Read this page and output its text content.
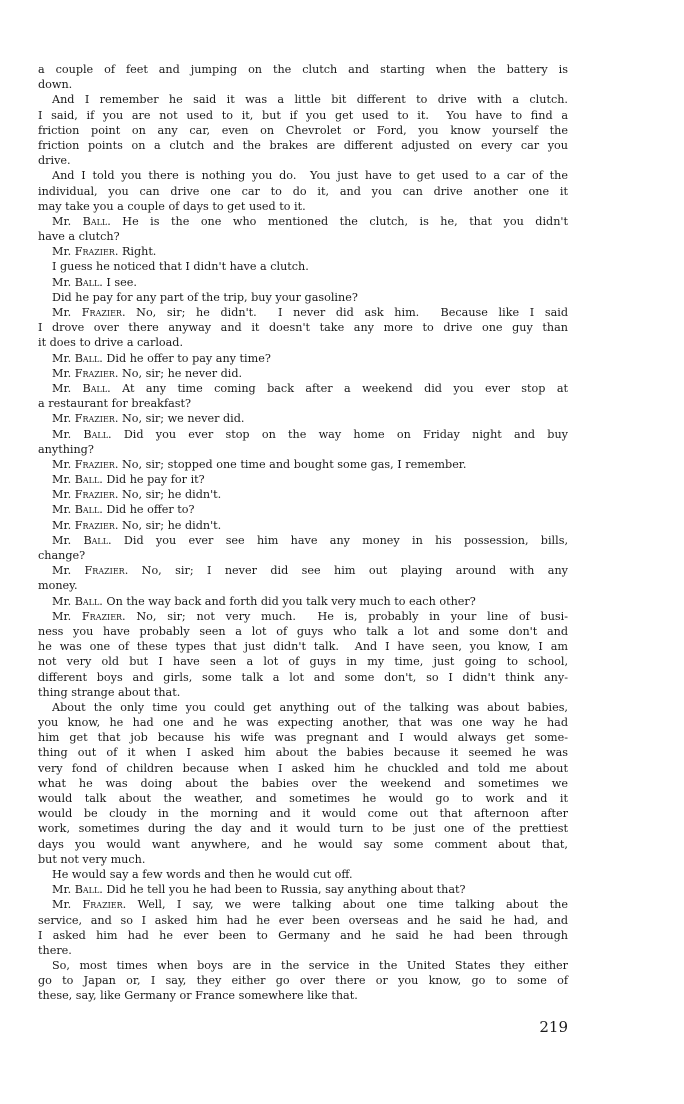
a couple of feet and jumping on the clutch and starting when the battery is
down.
And I remember he said it was a little bit different to drive with a clutch.
I said, if you are not used to it, but if you get used to it.  You have to find a
friction point on any car, even on Chevrolet or Ford, you know yourself the
friction points on a clutch and the brakes are different adjusted on every car you
drive.
And I told you there is nothing you do.  You just have to get used to a car of the
individual, you can drive one car to do it, and you can drive another one it
may take you a couple of days to get used to it.
Mr. Ball. He is the one who mentioned the clutch, is he, that you didn't
have a clutch?
Mr. Frazier. Right.
I guess he noticed that I didn't have a clutch.
Mr. Ball. I see.
Did he pay for any part of the trip, buy your gasoline?
Mr. Frazier. No, sir; he didn't.  I never did ask him.  Because like I said
I drove over there anyway and it doesn't take any more to drive one guy than
it does to drive a carload.
Mr. Ball. Did he offer to pay any time?
Mr. Frazier. No, sir; he never did.
Mr. Ball. At any time coming back after a weekend did you ever stop at
a restaurant for breakfast?
Mr. Frazier. No, sir; we never did.
Mr. Ball. Did you ever stop on the way home on Friday night and buy
anything?
Mr. Frazier. No, sir; stopped one time and bought some gas, I remember.
Mr. Ball. Did he pay for it?
Mr. Frazier. No, sir; he didn't.
Mr. Ball. Did he offer to?
Mr. Frazier. No, sir; he didn't.
Mr. Ball. Did you ever see him have any money in his possession, bills,
change?
Mr. Frazier. No, sir; I never did see him out playing around with any
money.
Mr. Ball. On the way back and forth did you talk very much to each other?
Mr. Frazier. No, sir; not very much.  He is, probably in your line of busi-
ness you have probably seen a lot of guys who talk a lot and some don't and
he was one of these types that just didn't talk.  And I have seen, you know, I am
not very old but I have seen a lot of guys in my time, just going to school,
different boys and girls, some talk a lot and some don't, so I didn't think any-
thing strange about that.
About the only time you could get anything out of the talking was about babies,
you know, he had one and he was expecting another, that was one way he had
him get that job because his wife was pregnant and I would always get some-
thing out of it when I asked him about the babies because it seemed he was
very fond of children because when I asked him he chuckled and told me about
what he was doing about the babies over the weekend and sometimes we
would talk about the weather, and sometimes he would go to work and it
would be cloudy in the morning and it would come out that afternoon after
work, sometimes during the day and it would turn to be just one of the prettiest
days you would want anywhere, and he would say some comment about that,
but not very much.
He would say a few words and then he would cut off.
Mr. Ball. Did he tell you he had been to Russia, say anything about that?
Mr. Frazier. Well, I say, we were talking about one time talking about the
service, and so I asked him had he ever been overseas and he said he had, and
I asked him had he ever been to Germany and he said he had been through
there.
So, most times when boys are in the service in the United States they either
go to Japan or, I say, they either go over there or you know, go to some of
these, say, like Germany or France somewhere like that.
219
